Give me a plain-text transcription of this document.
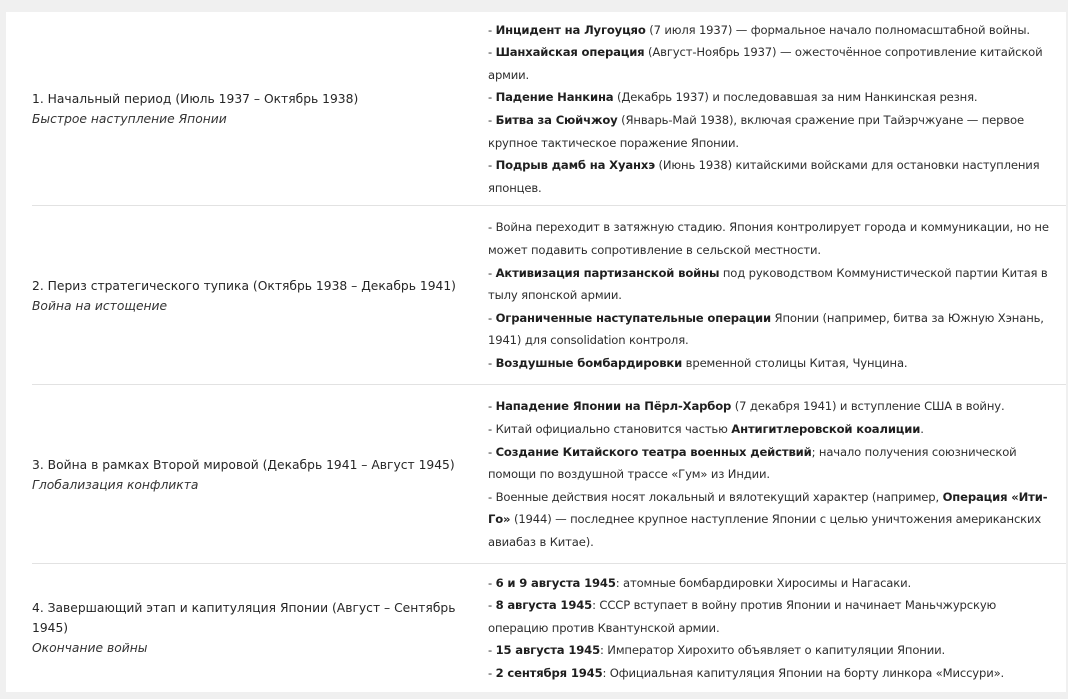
1. Начальный период (Июль 1937 – Октябрь 1938)
Быстрое наступление Японии

- Инцидент на Лугоуцяо (7 июля 1937) — формальное начало полномасштабной войны.

- Шанхайская операция (Август-Ноябрь 1937) — ожесточённое сопротивление китайской армии.

- Падение Нанкина (Декабрь 1937) и последовавшая за ним Нанкинская резня.

- Битва за Сюйчжоу (Январь-Май 1938), включая сражение при Тайэрчжуане — первое крупное тактическое поражение Японии.

- Подрыв дамб на Хуанхэ (Июнь 1938) китайскими войсками для остановки наступления японцев.

2. Периз стратегического тупика (Октябрь 1938 – Декабрь 1941)
Война на истощение

- Война переходит в затяжную стадию. Япония контролирует города и коммуникации, но не может подавить сопротивление в сельской местности.

- Активизация партизанской войны под руководством Коммунистической партии Китая в тылу японской армии.

- Ограниченные наступательные операции Японии (например, битва за Южную Хэнань, 1941) для consolidation контроля.

- Воздушные бомбардировки временной столицы Китая, Чунцина.

3. Война в рамках Второй мировой (Декабрь 1941 – Август 1945)
Глобализация конфликта

- Нападение Японии на Пёрл-Харбор (7 декабря 1941) и вступление США в войну.

- Китай официально становится частью Антигитлеровской коалиции.

- Создание Китайского театра военных действий; начало получения союзнической помощи по воздушной трассе «Гум» из Индии.

- Военные действия носят локальный и вялотекущий характер (например, Операция «Ити-Го» (1944) — последнее крупное наступление Японии с целью уничтожения американских авиабаз в Китае).

4. Завершающий этап и капитуляция Японии (Август – Сентябрь 1945)
Окончание войны

- 6 и 9 августа 1945: атомные бомбардировки Хиросимы и Нагасаки.

- 8 августа 1945: СССР вступает в войну против Японии и начинает Маньчжурскую операцию против Квантунской армии.

- 15 августа 1945: Император Хирохито объявляет о капитуляции Японии.

- 2 сентября 1945: Официальная капитуляция Японии на борту линкора «Миссури».
